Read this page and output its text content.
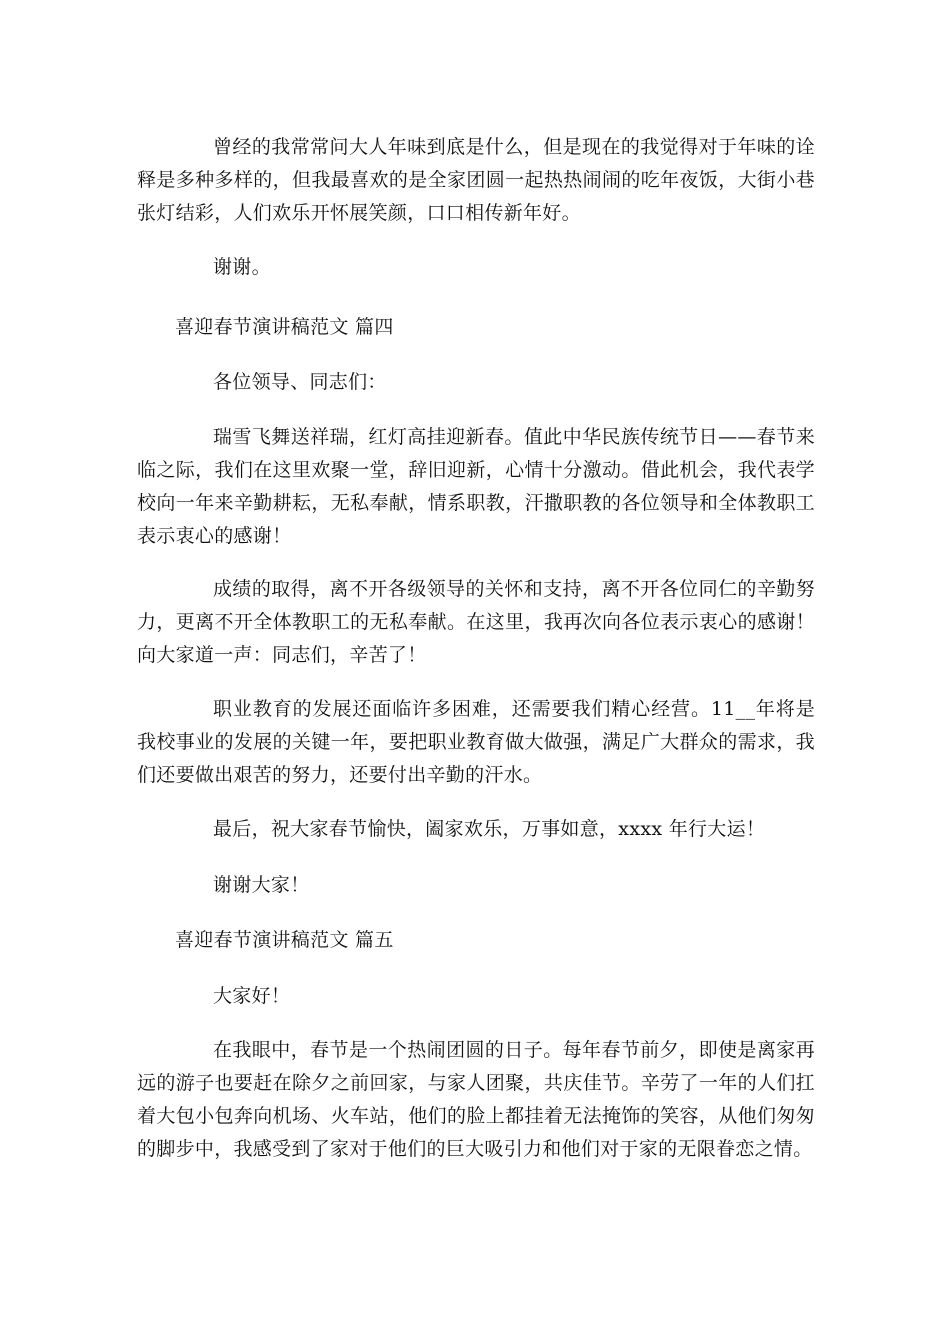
曾经的我常常问大人年味到底是什么，但是现在的我觉得对于年味的诠释是多种多样的，但我最喜欢的是全家团圆一起热热闹闹的吃年夜饭，大街小巷张灯结彩，人们欢乐开怀展笑颜，口口相传新年好。

谢谢。

喜迎春节演讲稿范文 篇四

各位领导、同志们：

瑞雪飞舞送祥瑞，红灯高挂迎新春。值此中华民族传统节日——春节来临之际，我们在这里欢聚一堂，辞旧迎新，心情十分激动。借此机会，我代表学校向一年来辛勤耕耘，无私奉献，情系职教，汗撒职教的各位领导和全体教职工表示衷心的感谢！

成绩的取得，离不开各级领导的关怀和支持，离不开各位同仁的辛勤努力，更离不开全体教职工的无私奉献。在这里，我再次向各位表示衷心的感谢！向大家道一声：同志们，辛苦了！

职业教育的发展还面临许多困难，还需要我们精心经营。11__年将是我校事业的发展的关键一年，要把职业教育做大做强，满足广大群众的需求，我们还要做出艰苦的努力，还要付出辛勤的汗水。

最后，祝大家春节愉快，阖家欢乐，万事如意，xxxx 年行大运！

谢谢大家！

喜迎春节演讲稿范文 篇五

大家好！

在我眼中，春节是一个热闹团圆的日子。每年春节前夕，即使是离家再远的游子也要赶在除夕之前回家，与家人团聚，共庆佳节。辛劳了一年的人们扛着大包小包奔向机场、火车站，他们的脸上都挂着无法掩饰的笑容，从他们匆匆的脚步中，我感受到了家对于他们的巨大吸引力和他们对于家的无限眷恋之情。
